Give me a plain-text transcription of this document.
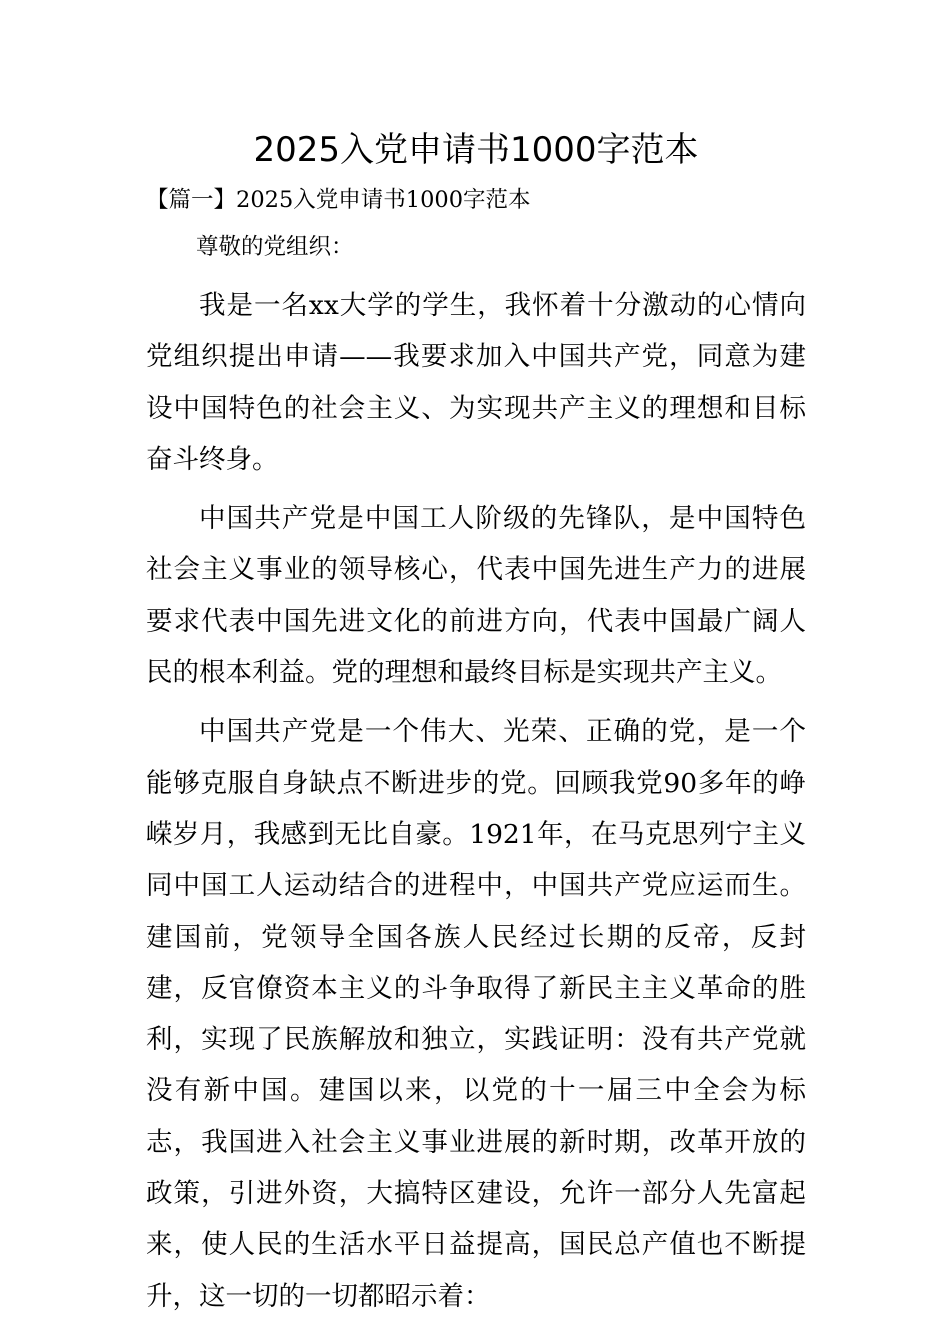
2025入党申请书1000字范本

【篇一】2025入党申请书1000字范本

尊敬的党组织：

我是一名xx大学的学生，我怀着十分激动的心情向党组织提出申请——我要求加入中国共产党，同意为建设中国特色的社会主义、为实现共产主义的理想和目标奋斗终身。

中国共产党是中国工人阶级的先锋队，是中国特色社会主义事业的领导核心，代表中国先进生产力的进展要求代表中国先进文化的前进方向，代表中国最广阔人民的根本利益。党的理想和最终目标是实现共产主义。

中国共产党是一个伟大、光荣、正确的党，是一个能够克服自身缺点不断进步的党。回顾我党90多年的峥嵘岁月，我感到无比自豪。1921年，在马克思列宁主义同中国工人运动结合的进程中，中国共产党应运而生。建国前，党领导全国各族人民经过长期的反帝，反封建，反官僚资本主义的斗争取得了新民主主义革命的胜利，实现了民族解放和独立，实践证明：没有共产党就没有新中国。建国以来，以党的十一届三中全会为标志，我国进入社会主义事业进展的新时期，改革开放的政策，引进外资，大搞特区建设，允许一部分人先富起来，使人民的生活水平日益提高，国民总产值也不断提升，这一切的一切都昭示着：
